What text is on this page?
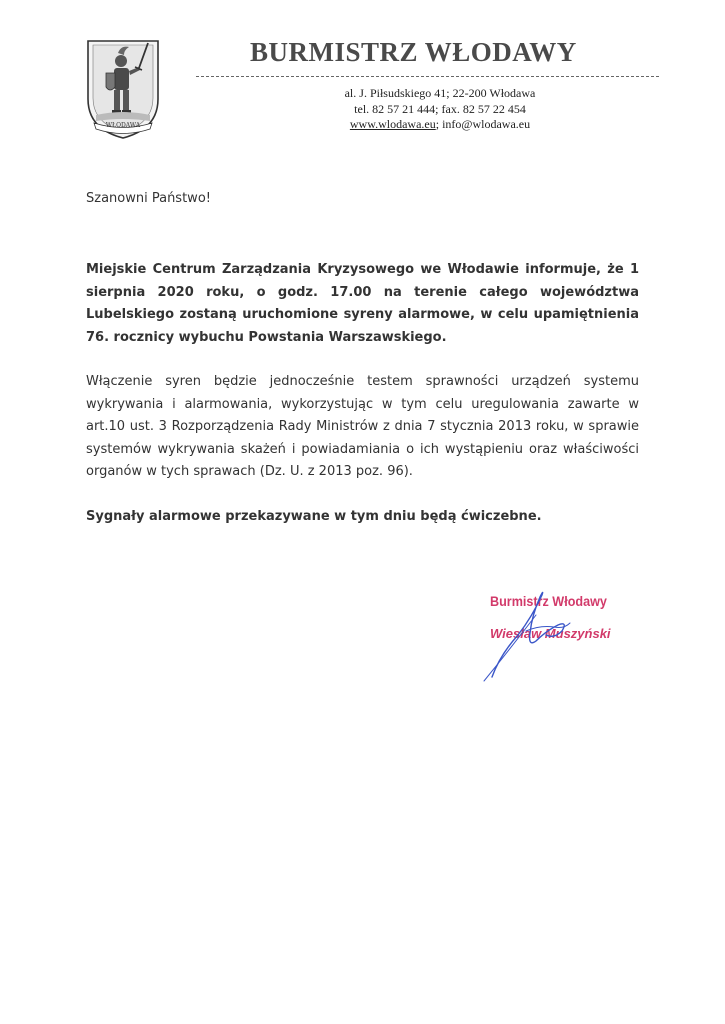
WŁODAWA
BURMISTRZ WŁODAWY
al. J. Piłsudskiego 41; 22-200 Włodawa
tel. 82 57 21 444; fax. 82 57 22 454
www.wlodawa.eu; info@wlodawa.eu
Szanowni Państwo!
Miejskie Centrum Zarządzania Kryzysowego we Włodawie informuje, że 1 sierpnia 2020 roku, o godz. 17.00 na terenie całego województwa Lubelskiego zostaną uruchomione syreny alarmowe, w celu upamiętnienia 76. rocznicy wybuchu Powstania Warszawskiego.
Włączenie syren będzie jednocześnie testem sprawności urządzeń systemu wykrywania i alarmowania, wykorzystując w tym celu uregulowania zawarte w art.10 ust. 3 Rozporządzenia Rady Ministrów z dnia 7 stycznia 2013 roku, w sprawie systemów wykrywania skażeń i powiadamiania o ich wystąpieniu oraz właściwości organów w tych sprawach (Dz. U. z 2013 poz. 96).
Sygnały alarmowe przekazywane w tym dniu będą ćwiczebne.
Burmistrz Włodawy
Wiesław Muszyński
